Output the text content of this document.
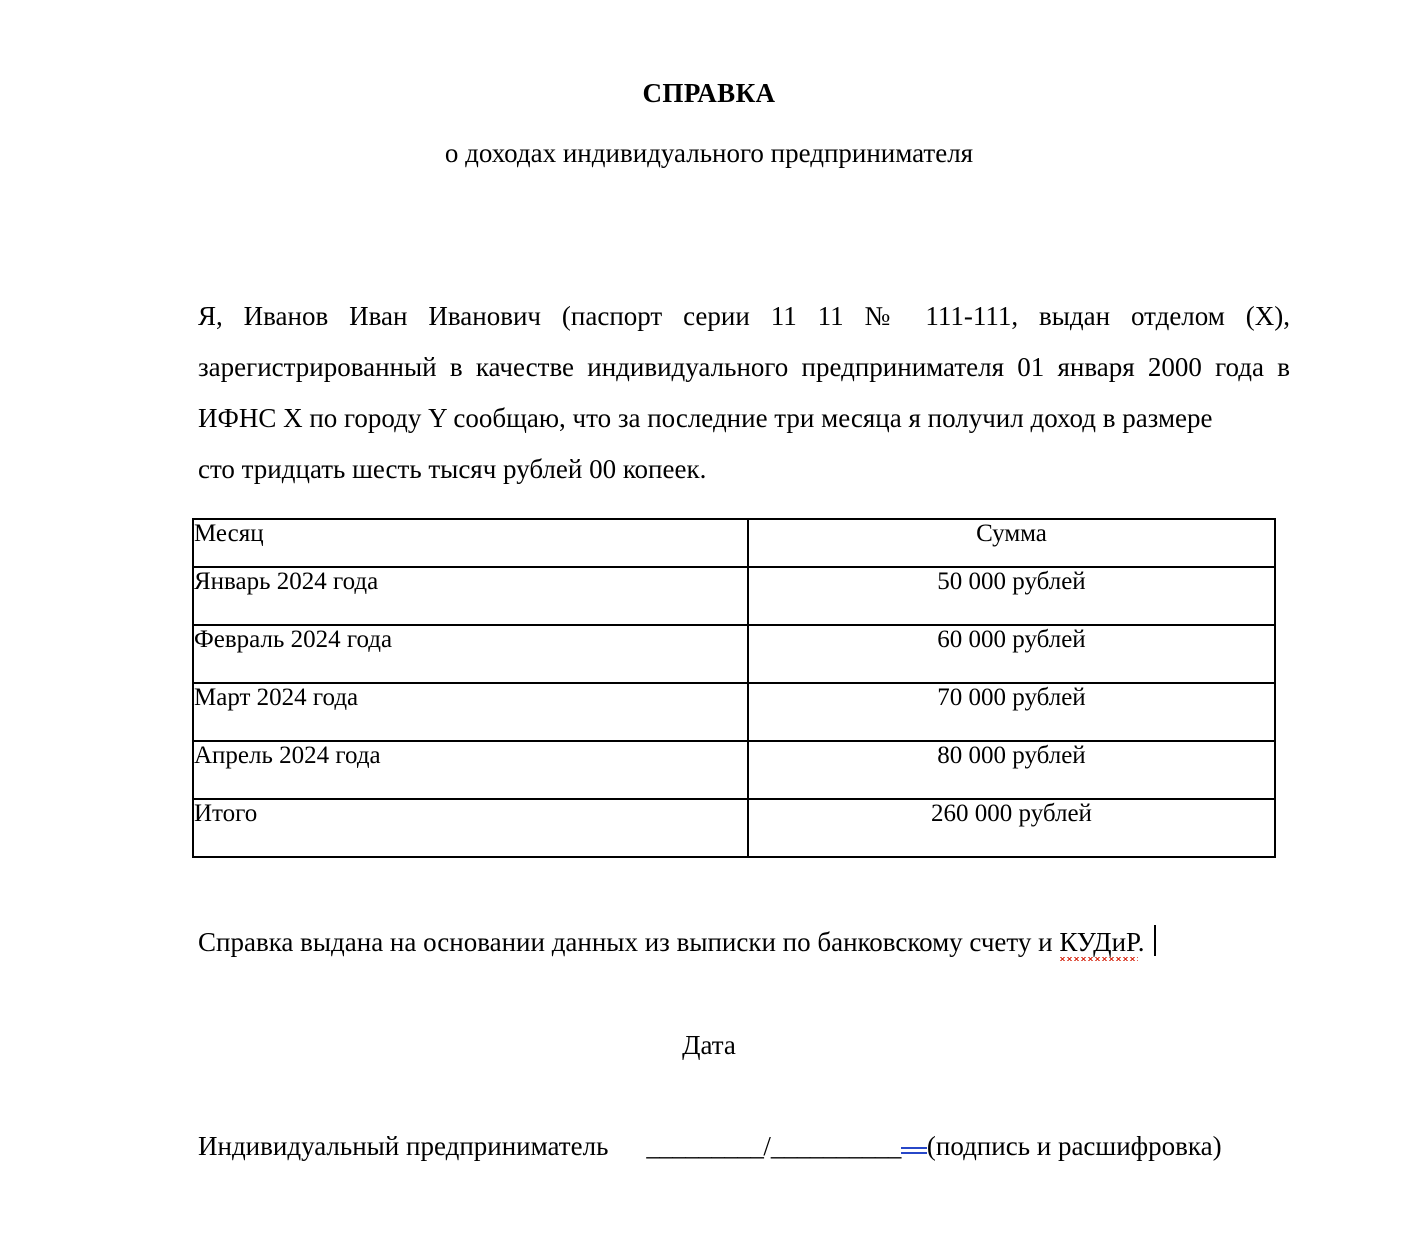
СПРАВКА
о доходах индивидуального предпринимателя
Я, Иванов Иван Иванович (паспорт серии 11 11 № 111-111, выдан отделом (X), зарегистрированный в качестве индивидуального предпринимателя 01 января 2000 года в ИФНС X по городу Y сообщаю, что за последние три месяца я получил доход в размере
сто тридцать шесть тысяч рублей 00 копеек.
Месяц	Сумма
Январь 2024 года	50 000 рублей
Февраль 2024 года	60 000 рублей
Март 2024 года	70 000 рублей
Апрель 2024 года	80 000 рублей
Итого	260 000 рублей
Справка выдана на основании данных из выписки по банковскому счету и КУДиР.
Дата
Индивидуальный предприниматель _________/__________ (подпись и расшифровка)
